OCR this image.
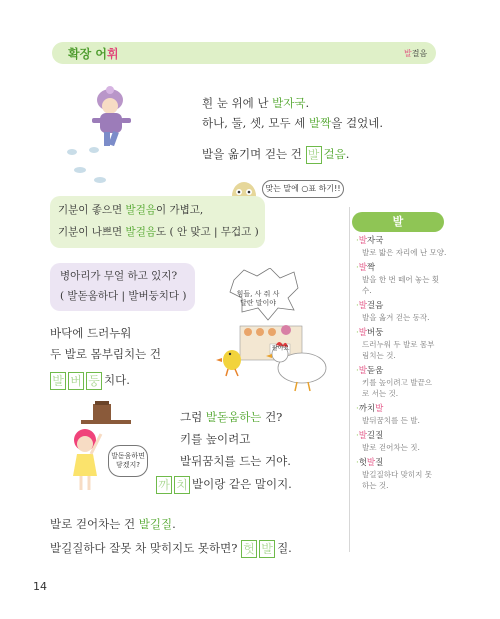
확장 어휘	발걸음
흰 눈 위에 난 발자국.
하나, 둘, 셋, 모두 세 발짝을 걸었네.
발을 옮기며 걷는 건 발 걸음.
맞는 말에 ○표 하기!!
기분이 좋으면 발걸음이 가볍고,
기분이 나쁘면 발걸음도 ( 안 맞고 | 무겁고 )
병아리가 무얼 하고 있지?
( 발돋움하다 | 발버둥치다 )	힘들, 사 줘 사 달란 말이야
팔아요
바닥에 드러누워
두 발로 몸부림치는 건
발 버 둥 치다.
발돋움하면 닿겠지?
그럼 발돋움하는 건?
키를 높이려고
발뒤꿈치를 드는 거야.
까 치 발이랑 같은 말이지.
발로 걷어차는 건 발길질.
발길질하다 잘못 차 맞히지도 못하면? 헛 발 질.
발
·발자국
발로 밟은 자리에 난 모양.
·발짝
발을 한 번 떼어 놓는 횟수.
·발걸음
발을 옮겨 걷는 동작.
·발버둥
드러누워 두 발로 몸부림치는 것.
·발돋움
키를 높이려고 발끝으로 서는 것.
·까치발
발뒤꿈치를 든 발.
·발길질
발로 걷어차는 짓.
·헛발질
발길질하다 맞히지 못하는 것.
14
